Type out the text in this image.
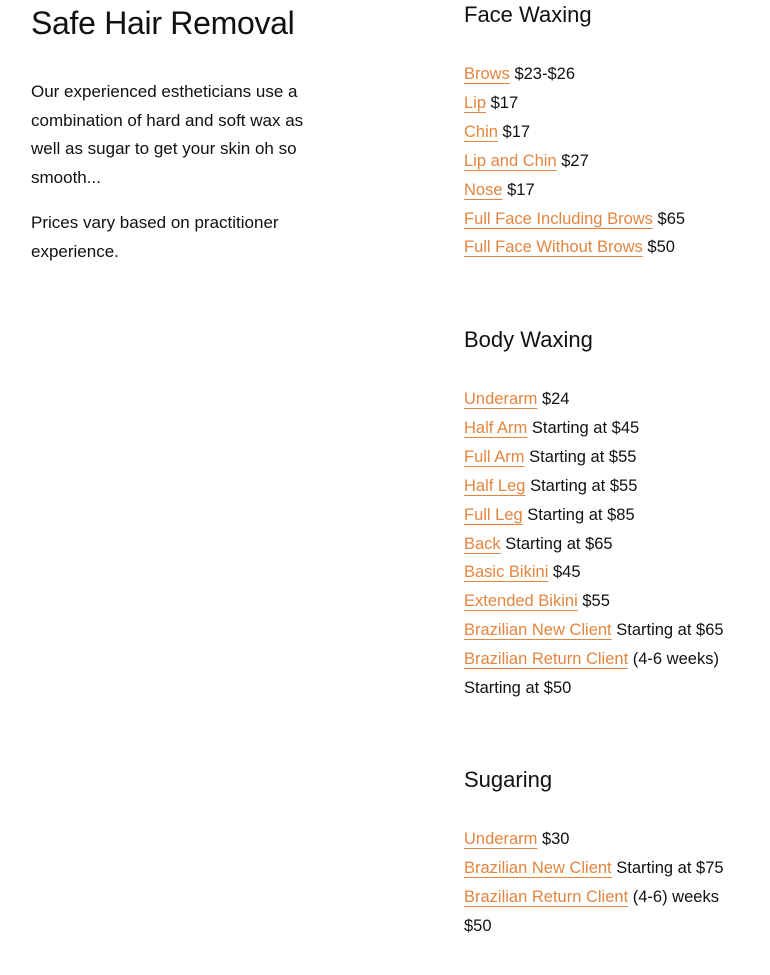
Safe Hair Removal

Our experienced estheticians use a combination of hard and soft wax as well as sugar to get your skin oh so smooth...

Prices vary based on practitioner experience.

Face Waxing
Brows $23-$26
Lip $17
Chin $17
Lip and Chin $27
Nose $17
Full Face Including Brows $65
Full Face Without Brows $50
Body Waxing
Underarm $24
Half Arm Starting at $45
Full Arm Starting at $55
Half Leg Starting at $55
Full Leg Starting at $85
Back Starting at $65
Basic Bikini $45
Extended Bikini $55
Brazilian New Client Starting at $65
Brazilian Return Client (4-6 weeks) Starting at $50
Sugaring
Underarm $30
Brazilian New Client Starting at $75
Brazilian Return Client (4-6) weeks $50
